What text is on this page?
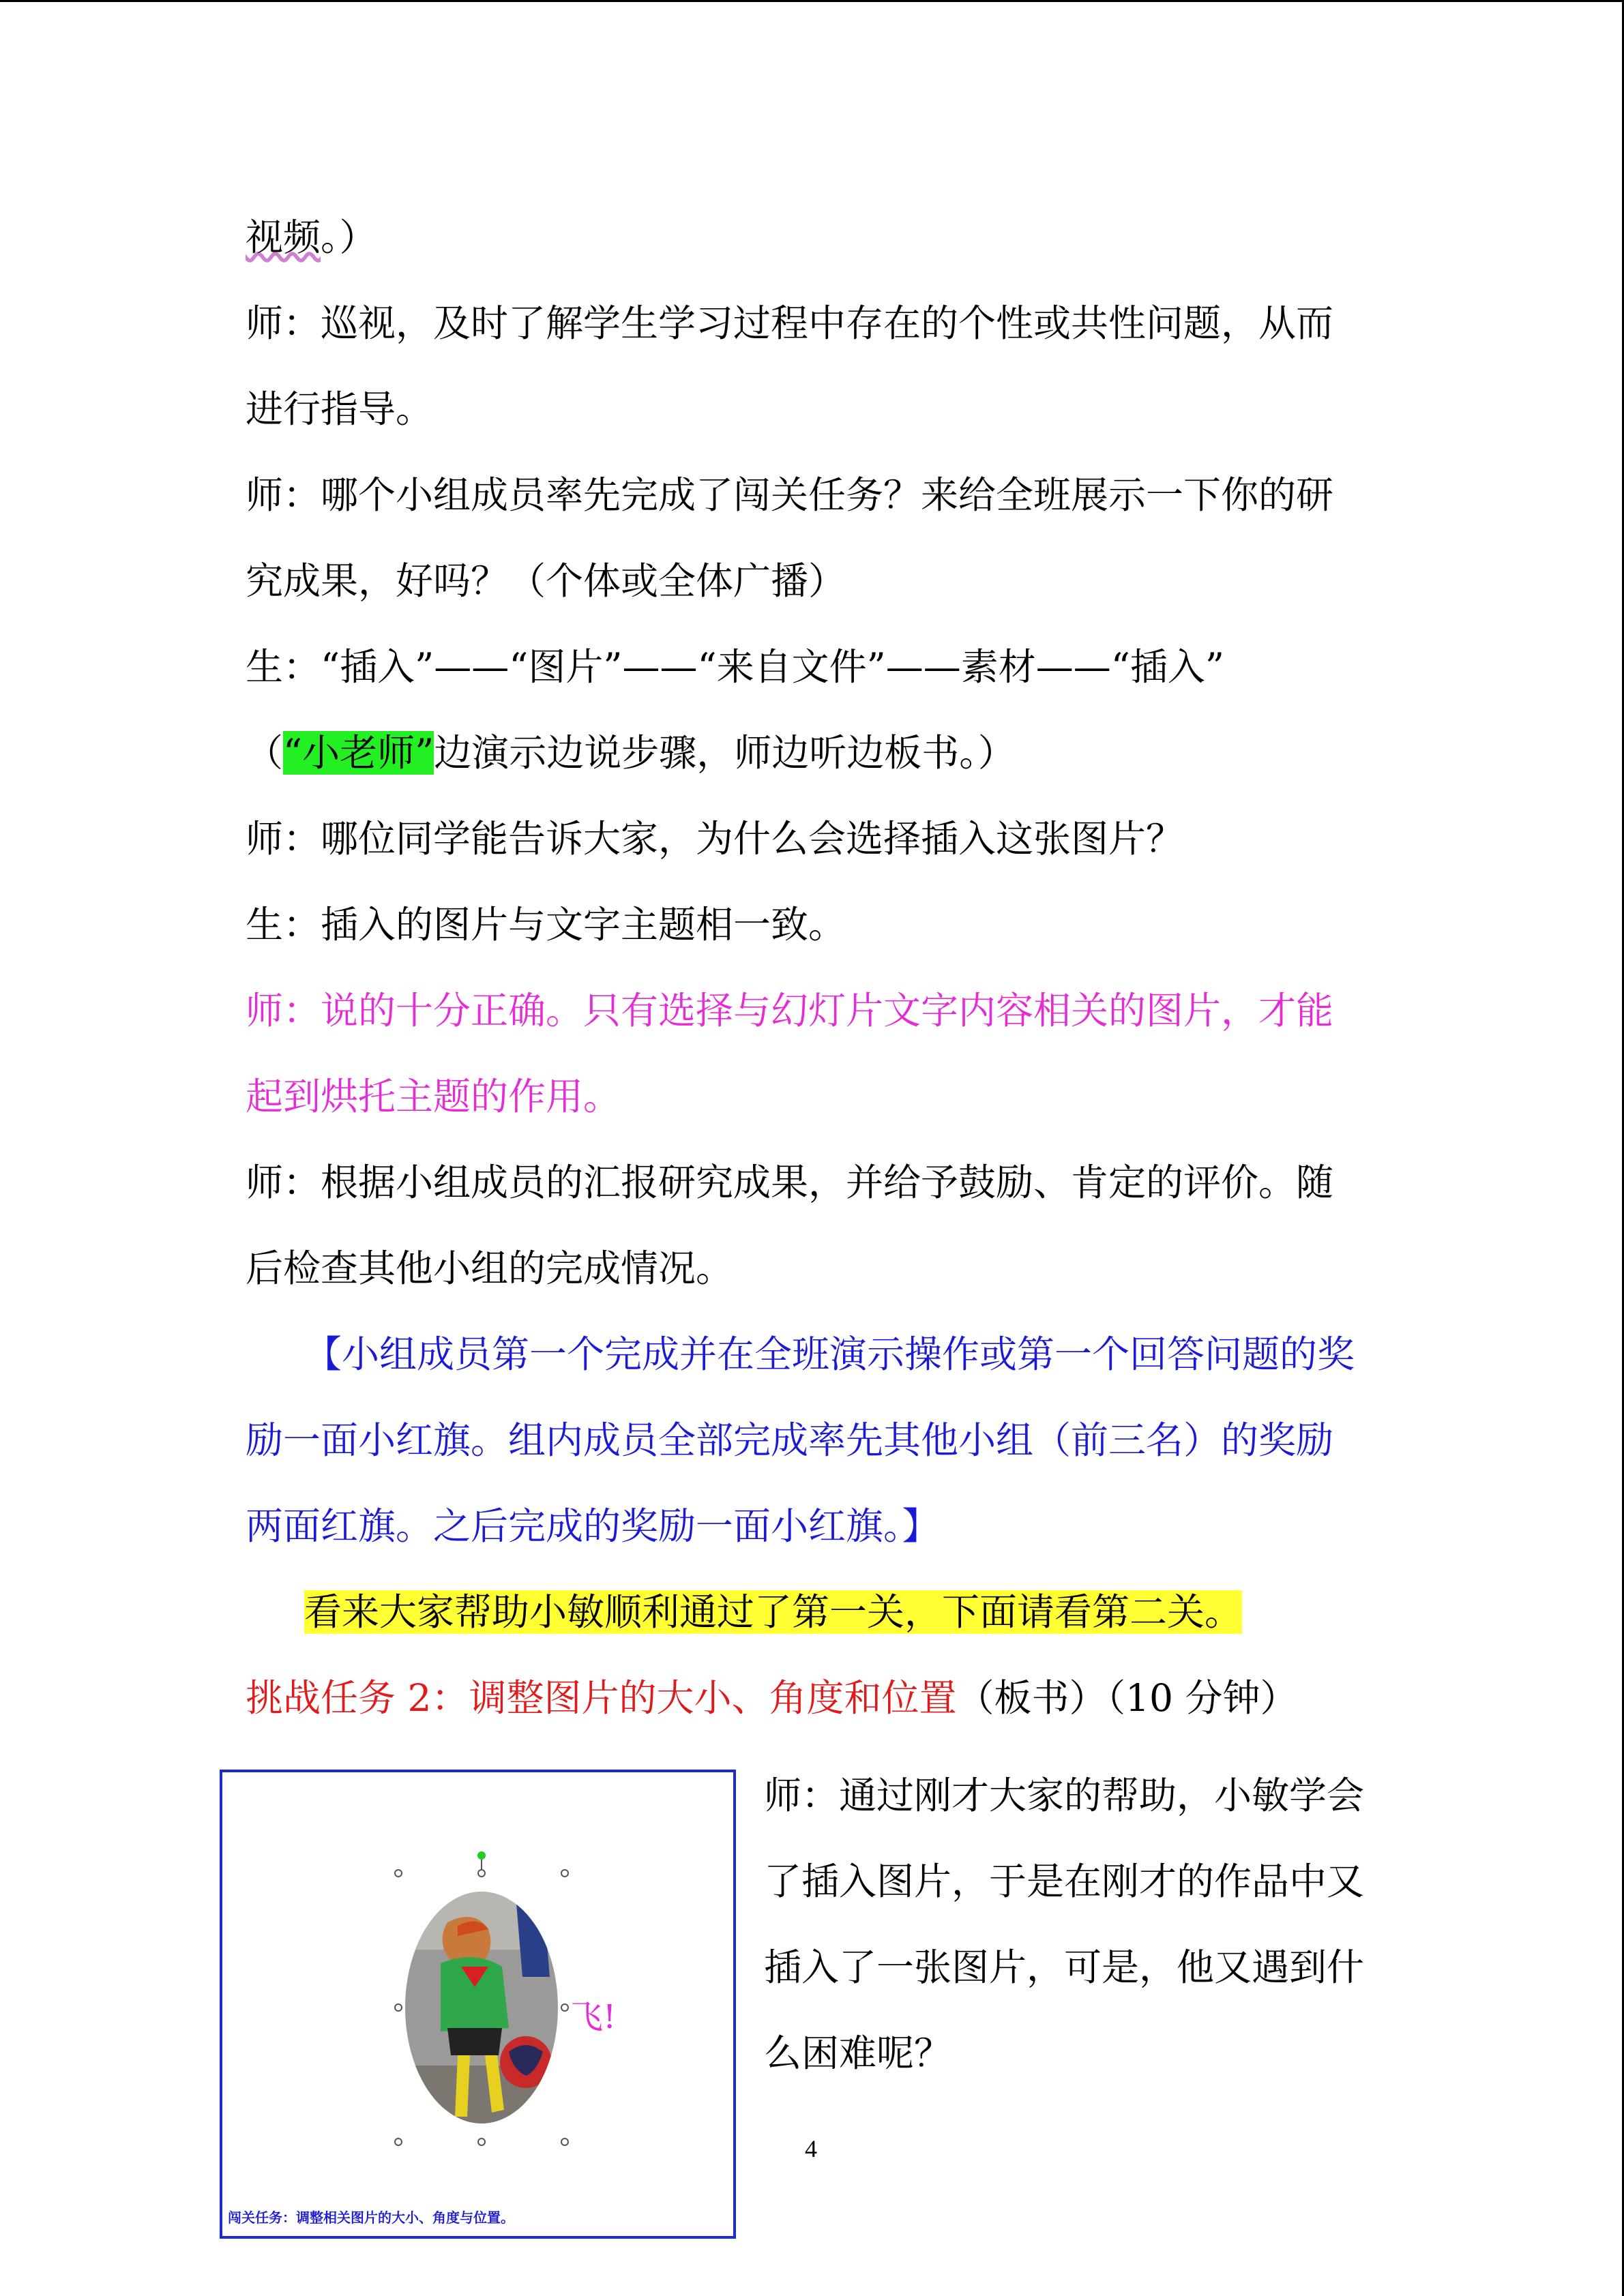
视频。）
师：巡视，及时了解学生学习过程中存在的个性或共性问题，从而
进行指导。
师：哪个小组成员率先完成了闯关任务？来给全班展示一下你的研
究成果，好吗？（个体或全体广播）
生：“插入”——“图片”——“来自文件”——素材——“插入”
（“小老师”边演示边说步骤，师边听边板书。）
师：哪位同学能告诉大家，为什么会选择插入这张图片？
生：插入的图片与文字主题相一致。
师：说的十分正确。只有选择与幻灯片文字内容相关的图片，才能
起到烘托主题的作用。
师：根据小组成员的汇报研究成果，并给予鼓励、肯定的评价。随
后检查其他小组的完成情况。
【小组成员第一个完成并在全班演示操作或第一个回答问题的奖
励一面小红旗。组内成员全部完成率先其他小组（前三名）的奖励
两面红旗。之后完成的奖励一面小红旗。】
看来大家帮助小敏顺利通过了第一关，下面请看第二关。
挑战任务 2：调整图片的大小、角度和位置（板书）（10 分钟）
飞!
闯关任务：调整相关图片的大小、角度与位置。
师：通过刚才大家的帮助，小敏学会
了插入图片，于是在刚才的作品中又
插入了一张图片，可是，他又遇到什
么困难呢？
4
